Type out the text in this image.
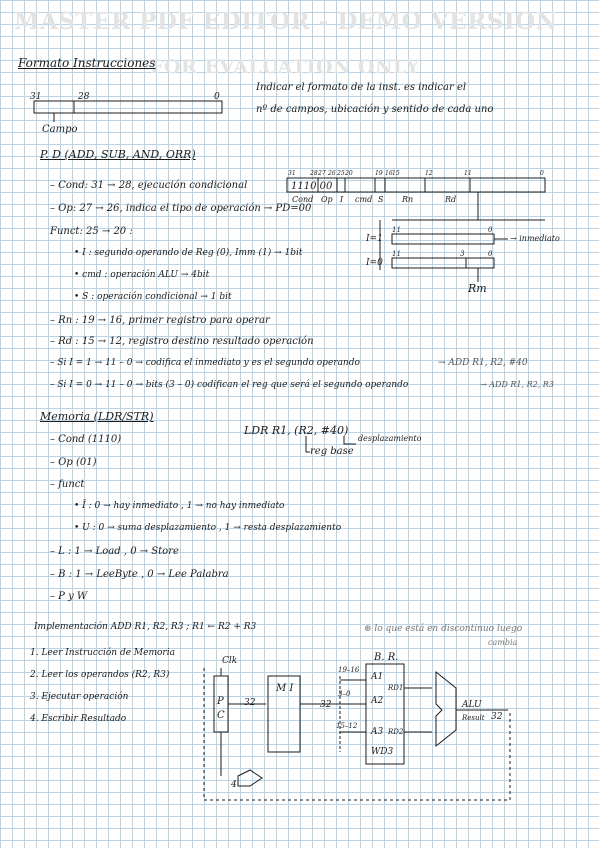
MASTER PDF EDITOR - DEMO VERSION
FOR EVALUATION ONLY
Formato Instrucciones
31	28	0
Campo
Indicar el formato de la inst. es indicar el
nº de campos, ubicación y sentido de cada uno
P. D (ADD, SUB, AND, ORR)
– Cond: 31 → 28, ejecución condicional
– Op: 27 → 26, indica el tipo de operación → PD=00
Funct: 25 → 20 :
• I : segundo operando de Reg (0), Imm (1) → 1bit
• cmd : operación ALU → 4bit
• S : operación condicional → 1 bit
– Rn : 19 → 16, primer registro para operar
– Rd : 15 → 12, registro destino resultado operación
– Si I = 1 → 11 – 0 → codifica el inmediato y es el segundo operando	→ ADD R1, R2, #40
– Si I = 0 → 11 – 0 → bits (3 – 0) codifican el reg que será el segundo operando	→ ADD R1, R2, R3
31 28 27 26 25 20	19 16 15	12	11	0
1110 00
Cond Op I cmd S Rn	Rd
I=1
11	0
→ inmediato
I=0
11	3	0
Rm
Memoria (LDR/STR)
– Cond (1110)
– Op (01)
– funct
• Ī : 0 → hay inmediato , 1 → no hay inmediato
• U : 0 → suma desplazamiento , 1 → resta desplazamiento
– L : 1 → Load , 0 → Store
– B : 1 → LeeByte , 0 → Lee Palabra
– P y W
LDR R1, (R2, #40)
desplazamiento
reg base
Implementación ADD R1, R2, R3 ; R1 ← R2 + R3	⊛ lo que está en discontinuo luego
cambia
1. Leer Instrucción de Memoria
2. Leer los operandos (R2, R3)
3. Ejecutar operación
4. Escribir Resultado
Clk
P
C
32
M I
32
B. R.
A1
A2
A3
WD3
RD1
RD2
19–16
3–0
15–12
ALU
Result 32
4
